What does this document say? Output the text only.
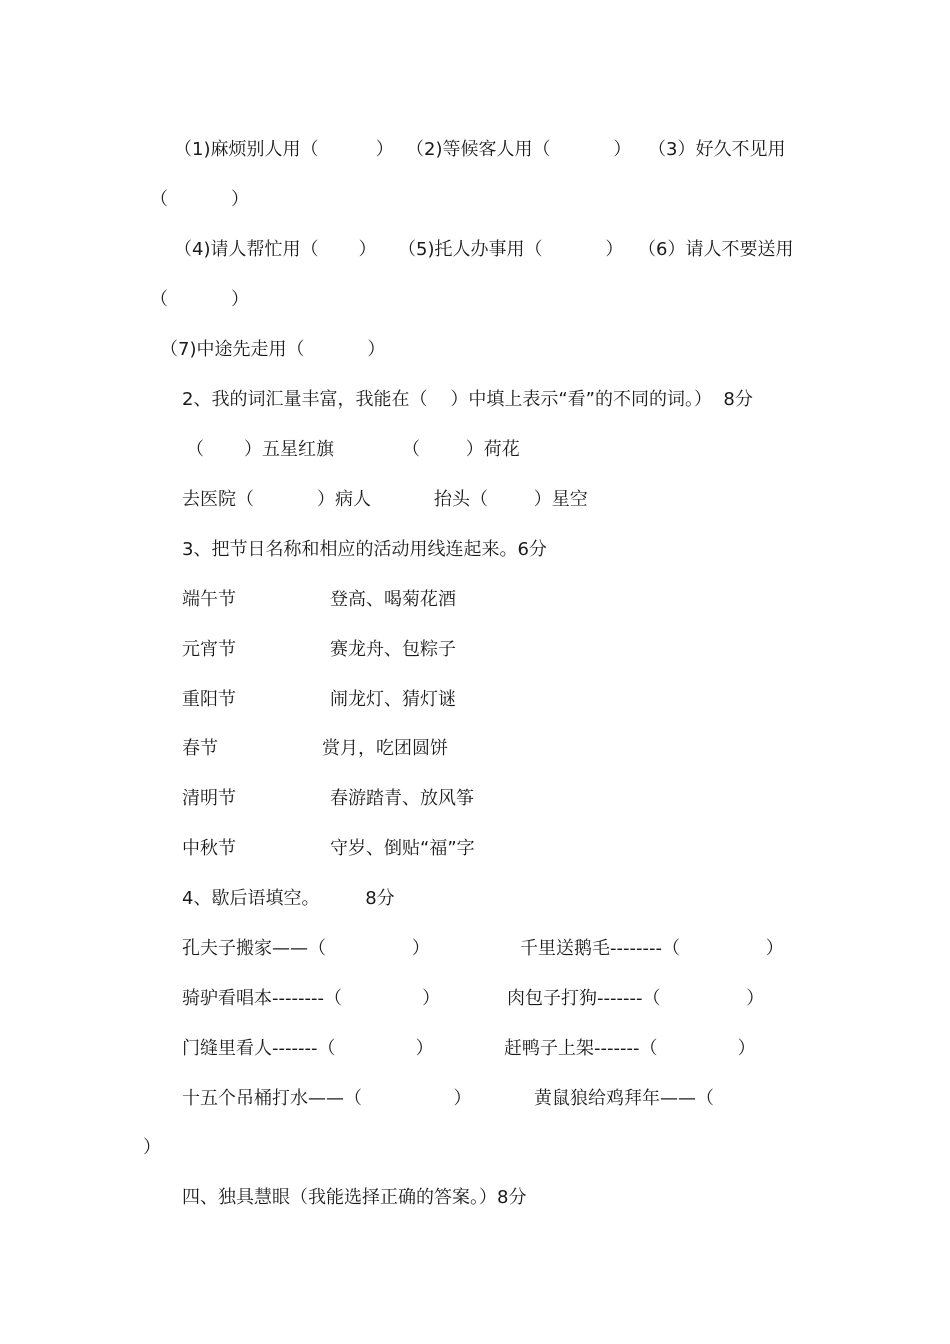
（1)麻烦别人用（          ）

（2)等候客人用（           ）

（3）好久不见用

（           ）

（4)请人帮忙用（       ）

（5)托人办事用（           ）

（6）请人不要送用

（           ）
（7)中途先走用（           ）
2、我的词汇量丰富，我能在（    ）中填上表示“看”的不同的词。）  8分

（       ）五星红旗

	（        ）荷花

去医院（           ）病人

	抬头（        ）星空

3、把节日名称和相应的活动用线连起来。6分

端午节

	登高、喝菊花酒

元宵节

	赛龙舟、包粽子

重阳节

	闹龙灯、猜灯谜

春节

	赏月，吃团圆饼

清明节

	春游踏青、放风筝

中秋节

	守岁、倒贴“福”字

4、歇后语填空。        8分

孔夫子搬家——（               ）

	千里送鹅毛--------（               ）

骑驴看唱本--------（              ）

	肉包子打狗-------（               ）

门缝里看人-------（              ）

	赶鸭子上架-------（              ）

十五个吊桶打水——（                ）

	黄鼠狼给鸡拜年——（

）
四、独具慧眼（我能选择正确的答案。）8分
